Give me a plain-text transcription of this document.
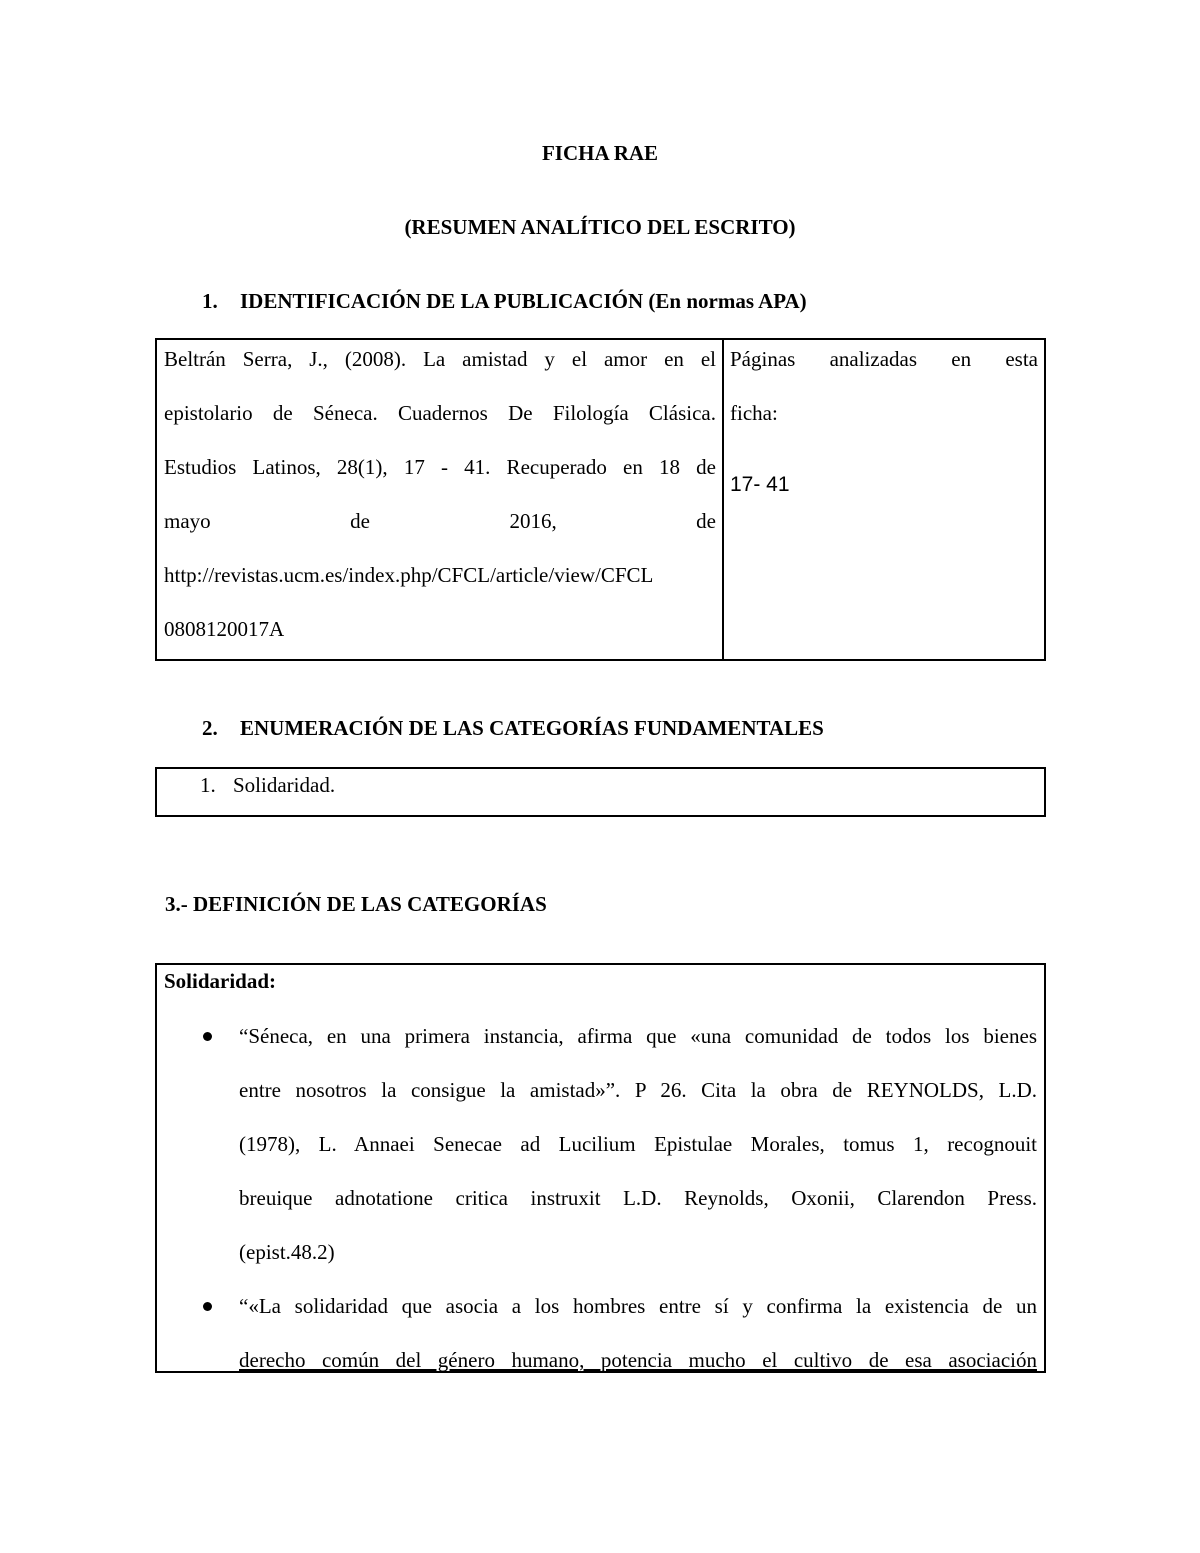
FICHA RAE
(RESUMEN ANALÍTICO DEL ESCRITO)
1. IDENTIFICACIÓN DE LA PUBLICACIÓN (En normas APA)
Beltrán Serra, J., (2008). La amistad y el amor en el
epistolario de Séneca. Cuadernos De Filología Clásica.
Estudios Latinos, 28(1), 17 - 41. Recuperado en 18 de
mayo de 2016, de
http://revistas.ucm.es/index.php/CFCL/article/view/CFCL
0808120017A
Páginas analizadas en esta
ficha:
17- 41
2. ENUMERACIÓN DE LAS CATEGORÍAS FUNDAMENTALES
1. Solidaridad.
3.- DEFINICIÓN DE LAS CATEGORÍAS
Solidaridad:
“Séneca, en una primera instancia, afirma que «una comunidad de todos los bienes
entre nosotros la consigue la amistad»”. P 26. Cita la obra de REYNOLDS, L.D.
(1978), L. Annaei Senecae ad Lucilium Epistulae Morales, tomus 1, recognouit
breuique adnotatione critica instruxit L.D. Reynolds, Oxonii, Clarendon Press.
(epist.48.2)
“«La solidaridad que asocia a los hombres entre sí y confirma la existencia de un
derecho común del género humano, potencia mucho el cultivo de esa asociación
